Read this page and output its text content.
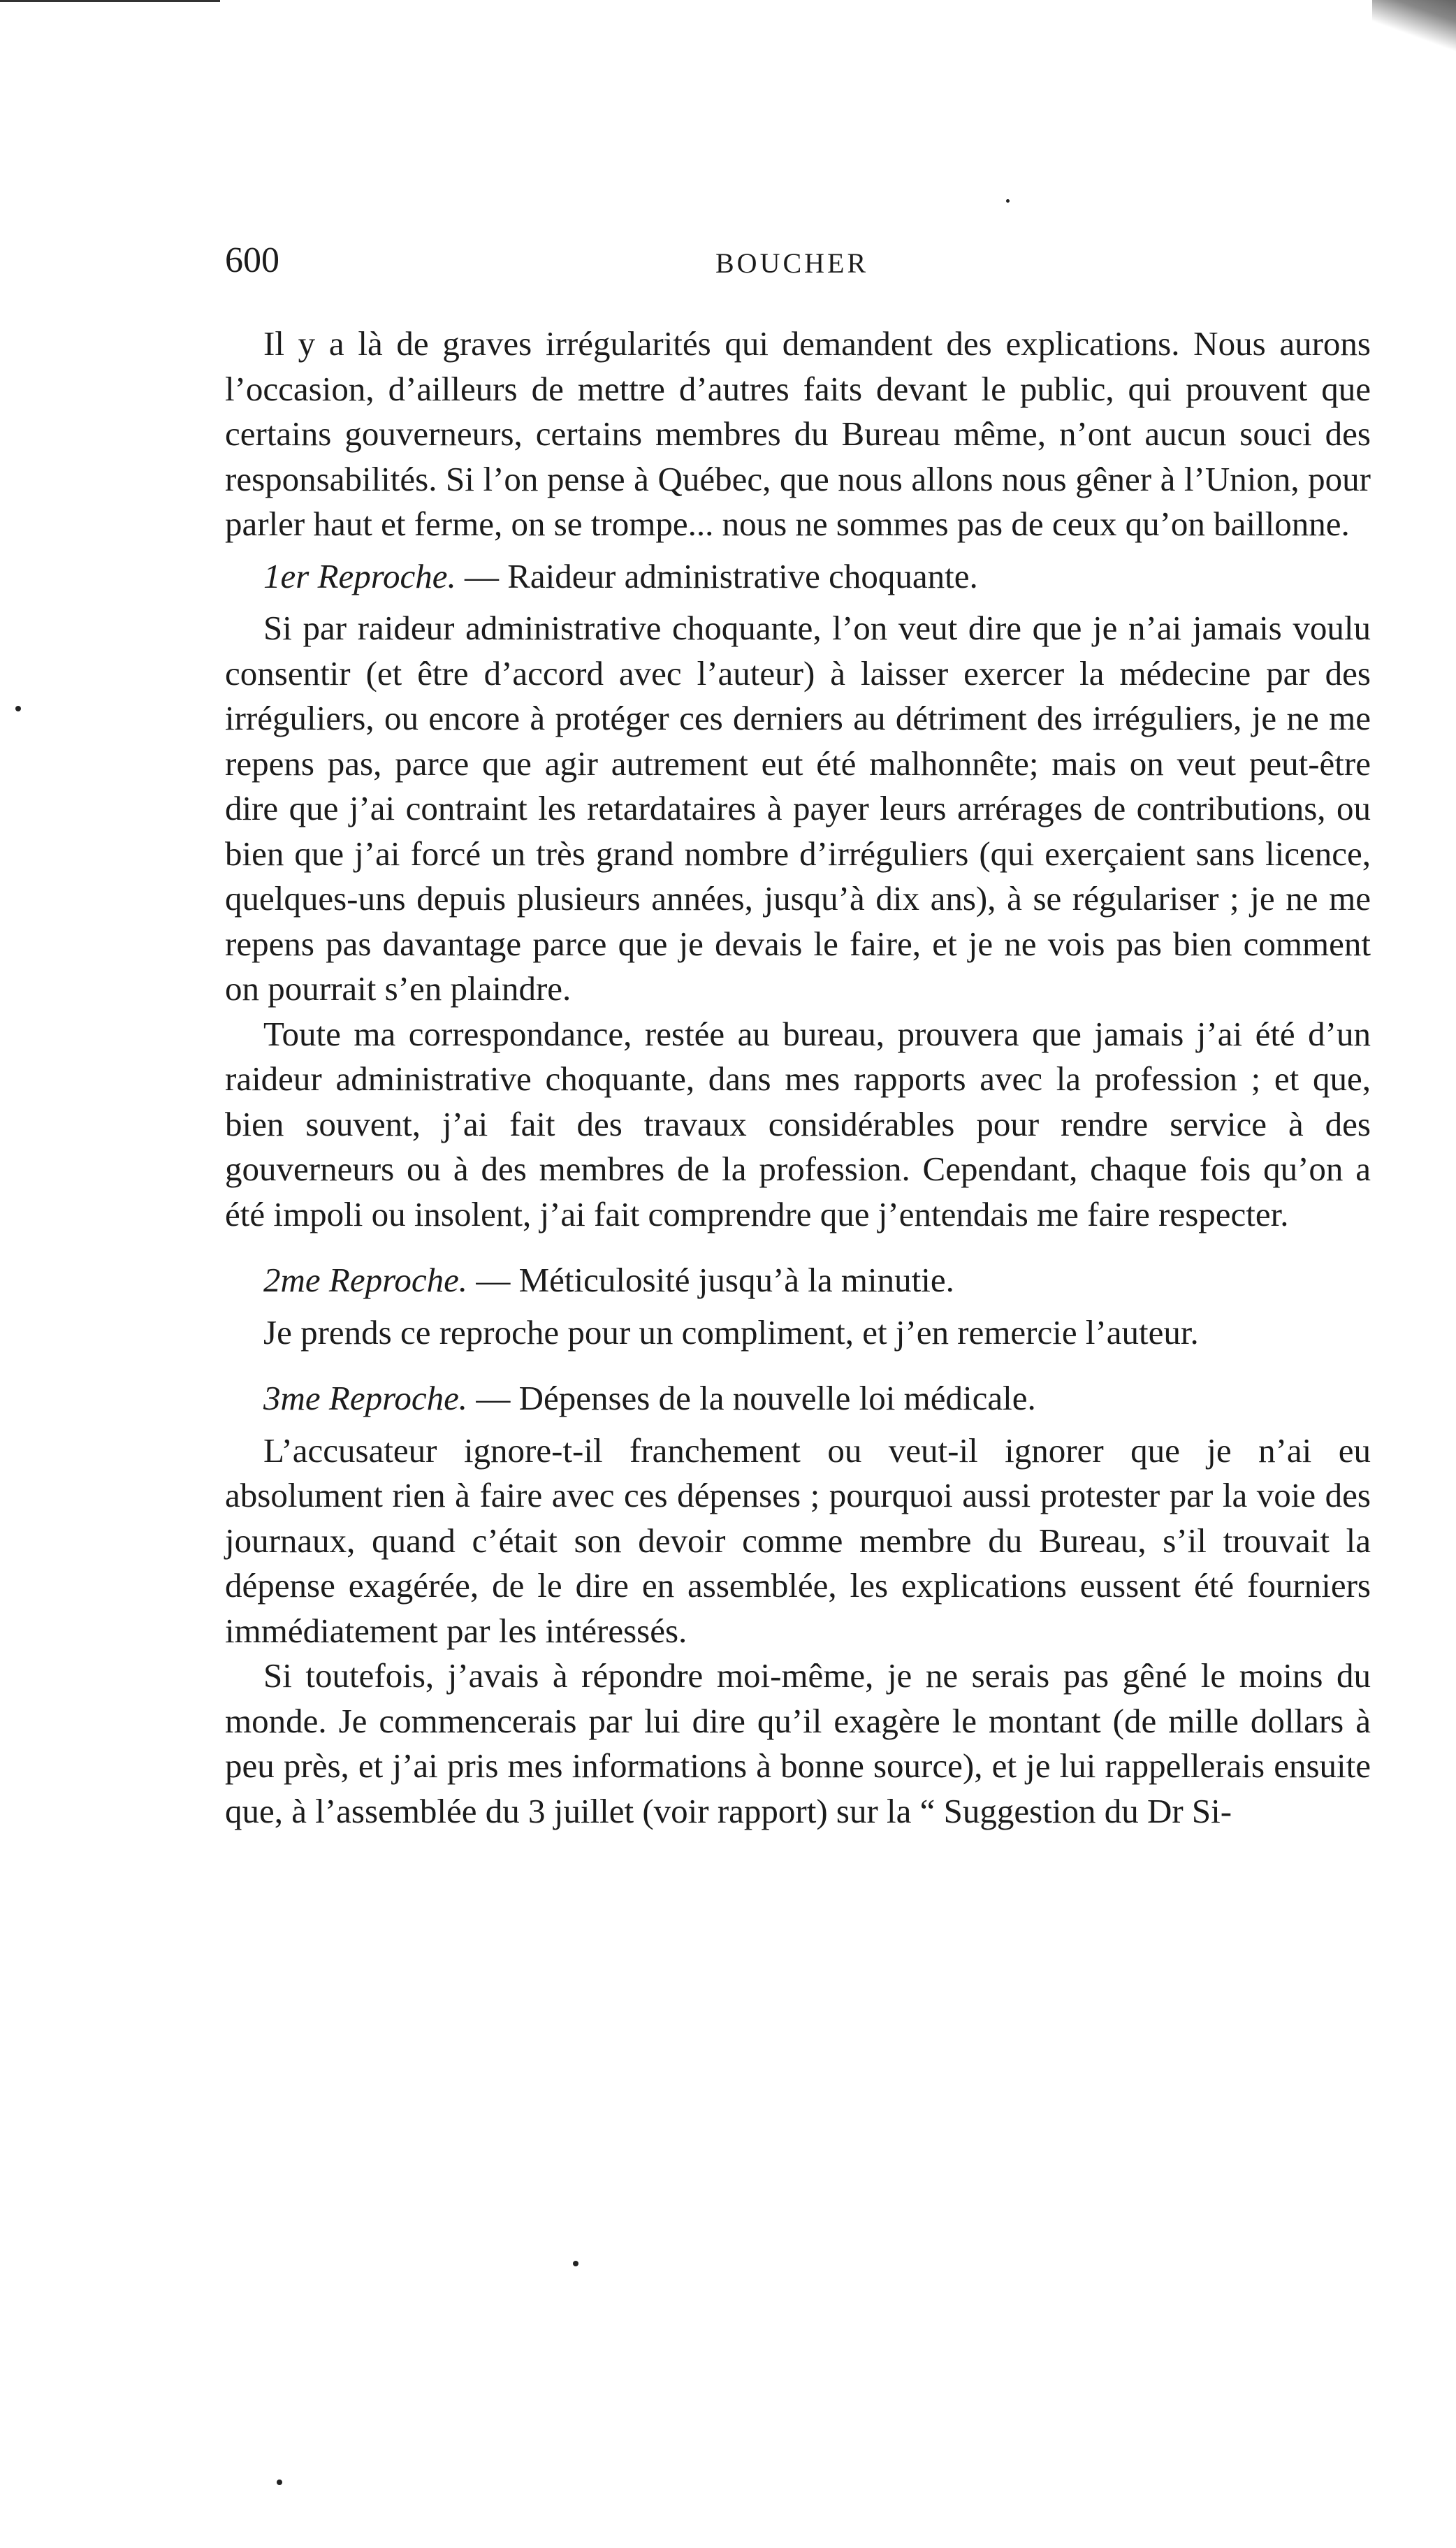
600	BOUCHER

Il y a là de graves irrégularités qui demandent des explications. Nous aurons l’occasion, d’ailleurs de mettre d’autres faits devant le public, qui prouvent que certains gouverneurs, certains membres du Bureau même, n’ont aucun souci des responsabilités. Si l’on pense à Québec, que nous allons nous gêner à l’Union, pour parler haut et ferme, on se trompe... nous ne sommes pas de ceux qu’on baillonne.

1er Reproche. — Raideur administrative choquante.

Si par raideur administrative choquante, l’on veut dire que je n’ai jamais voulu consentir (et être d’accord avec l’auteur) à laisser exercer la médecine par des irréguliers, ou encore à protéger ces derniers au détriment des irréguliers, je ne me repens pas, parce que agir autrement eut été malhonnête; mais on veut peut-être dire que j’ai contraint les retardataires à payer leurs arrérages de contributions, ou bien que j’ai forcé un très grand nombre d’irréguliers (qui exerçaient sans licence, quelques-uns depuis plusieurs années, jusqu’à dix ans), à se régulariser ; je ne me repens pas davantage parce que je devais le faire, et je ne vois pas bien comment on pourrait s’en plaindre.

Toute ma correspondance, restée au bureau, prouvera que jamais j’ai été d’un raideur administrative choquante, dans mes rapports avec la profession ; et que, bien souvent, j’ai fait des travaux considérables pour rendre service à des gouverneurs ou à des membres de la profession. Cependant, chaque fois qu’on a été impoli ou insolent, j’ai fait comprendre que j’entendais me faire respecter.

2me Reproche. — Méticulosité jusqu’à la minutie.

Je prends ce reproche pour un compliment, et j’en remercie l’auteur.

3me Reproche. — Dépenses de la nouvelle loi médicale.

L’accusateur ignore-t-il franchement ou veut-il ignorer que je n’ai eu absolument rien à faire avec ces dépenses ; pourquoi aussi protester par la voie des journaux, quand c’était son devoir comme membre du Bureau, s’il trouvait la dépense exagérée, de le dire en assemblée, les explications eussent été fourniers immédiatement par les intéressés.

Si toutefois, j’avais à répondre moi-même, je ne serais pas gêné le moins du monde. Je commencerais par lui dire qu’il exagère le montant (de mille dollars à peu près, et j’ai pris mes informations à bonne source), et je lui rappellerais ensuite que, à l’assemblée du 3 juillet (voir rapport) sur la “ Suggestion du Dr Si-
